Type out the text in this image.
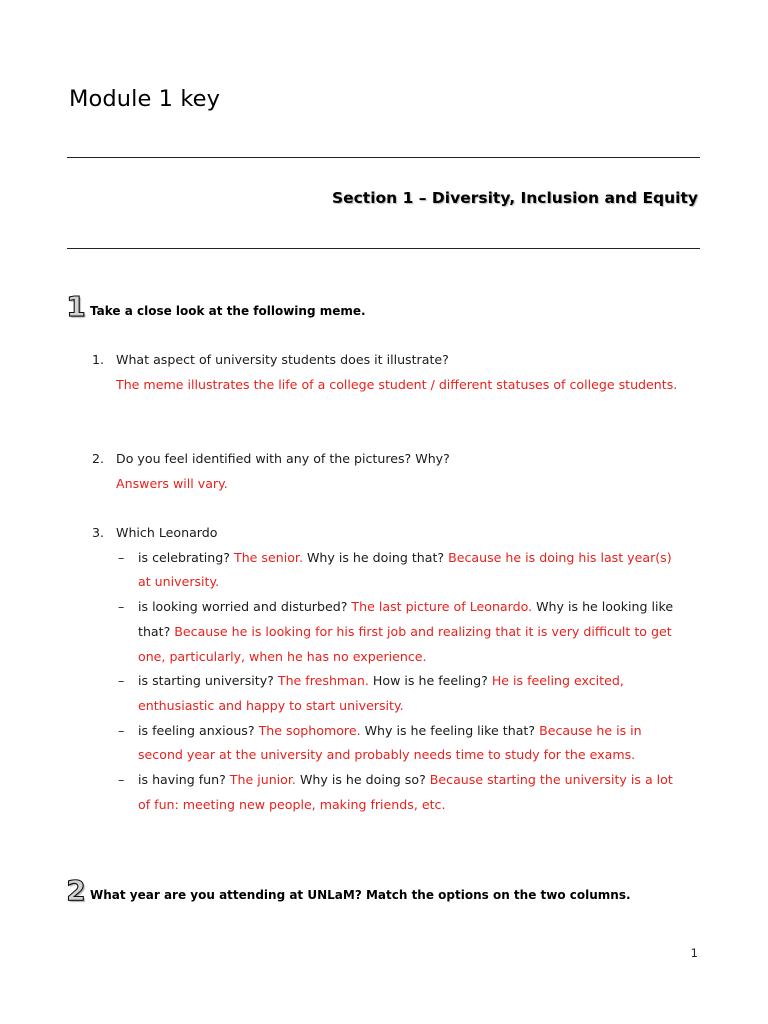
Module 1 key
Section 1 – Diversity, Inclusion and Equity
1 Take a close look at the following meme.
1. What aspect of university students does it illustrate?
The meme illustrates the life of a college student / different statuses of college students.
2. Do you feel identified with any of the pictures? Why?
Answers will vary.
3. Which Leonardo
– is celebrating? The senior. Why is he doing that? Because he is doing his last year(s) at university.
– is looking worried and disturbed? The last picture of Leonardo. Why is he looking like that? Because he is looking for his first job and realizing that it is very difficult to get one, particularly, when he has no experience.
– is starting university? The freshman. How is he feeling? He is feeling excited, enthusiastic and happy to start university.
– is feeling anxious? The sophomore. Why is he feeling like that? Because he is in second year at the university and probably needs time to study for the exams.
– is having fun? The junior. Why is he doing so? Because starting the university is a lot of fun: meeting new people, making friends, etc.
2 What year are you attending at UNLaM? Match the options on the two columns.
1
